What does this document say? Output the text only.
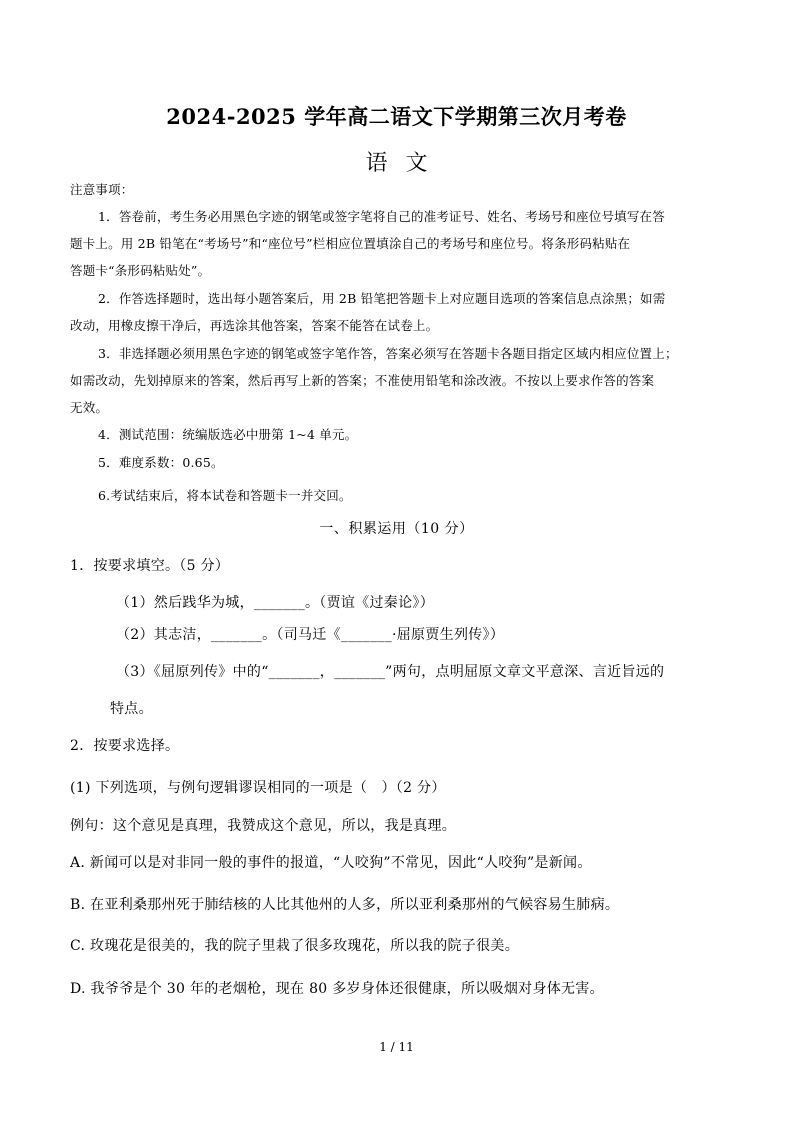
2024-2025 学年高二语文下学期第三次月考卷
语文
注意事项：
1．答卷前，考生务必用黑色字迹的钢笔或签字笔将自己的准考证号、姓名、考场号和座位号填写在答
题卡上。用 2B 铅笔在“考场号”和“座位号”栏相应位置填涂自己的考场号和座位号。将条形码粘贴在
答题卡“条形码粘贴处”。
2．作答选择题时，选出每小题答案后，用 2B 铅笔把答题卡上对应题目选项的答案信息点涂黑；如需
改动，用橡皮擦干净后，再选涂其他答案，答案不能答在试卷上。
3．非选择题必须用黑色字迹的钢笔或签字笔作答，答案必须写在答题卡各题目指定区域内相应位置上；
如需改动，先划掉原来的答案，然后再写上新的答案；不准使用铅笔和涂改液。不按以上要求作答的答案
无效。
4．测试范围：统编版选必中册第 1~4 单元。
5．难度系数：0.65。
6.考试结束后，将本试卷和答题卡一并交回。
一、积累运用（10 分）
1．按要求填空。（5 分）
（1）然后践华为城，_______。（贾谊《过秦论》）
（2）其志洁，_______。（司马迁《_______·屈原贾生列传》）
（3）《屈原列传》中的“_______，_______”两句，点明屈原文章文平意深、言近旨远的
特点。
2．按要求选择。
(1) 下列选项，与例句逻辑谬误相同的一项是（　）（2 分）
例句：这个意见是真理，我赞成这个意见，所以，我是真理。
A. 新闻可以是对非同一般的事件的报道，“人咬狗”不常见，因此“人咬狗”是新闻。
B. 在亚利桑那州死于肺结核的人比其他州的人多，所以亚利桑那州的气候容易生肺病。
C. 玫瑰花是很美的，我的院子里栽了很多玫瑰花，所以我的院子很美。
D. 我爷爷是个 30 年的老烟枪，现在 80 多岁身体还很健康，所以吸烟对身体无害。
1 / 11
